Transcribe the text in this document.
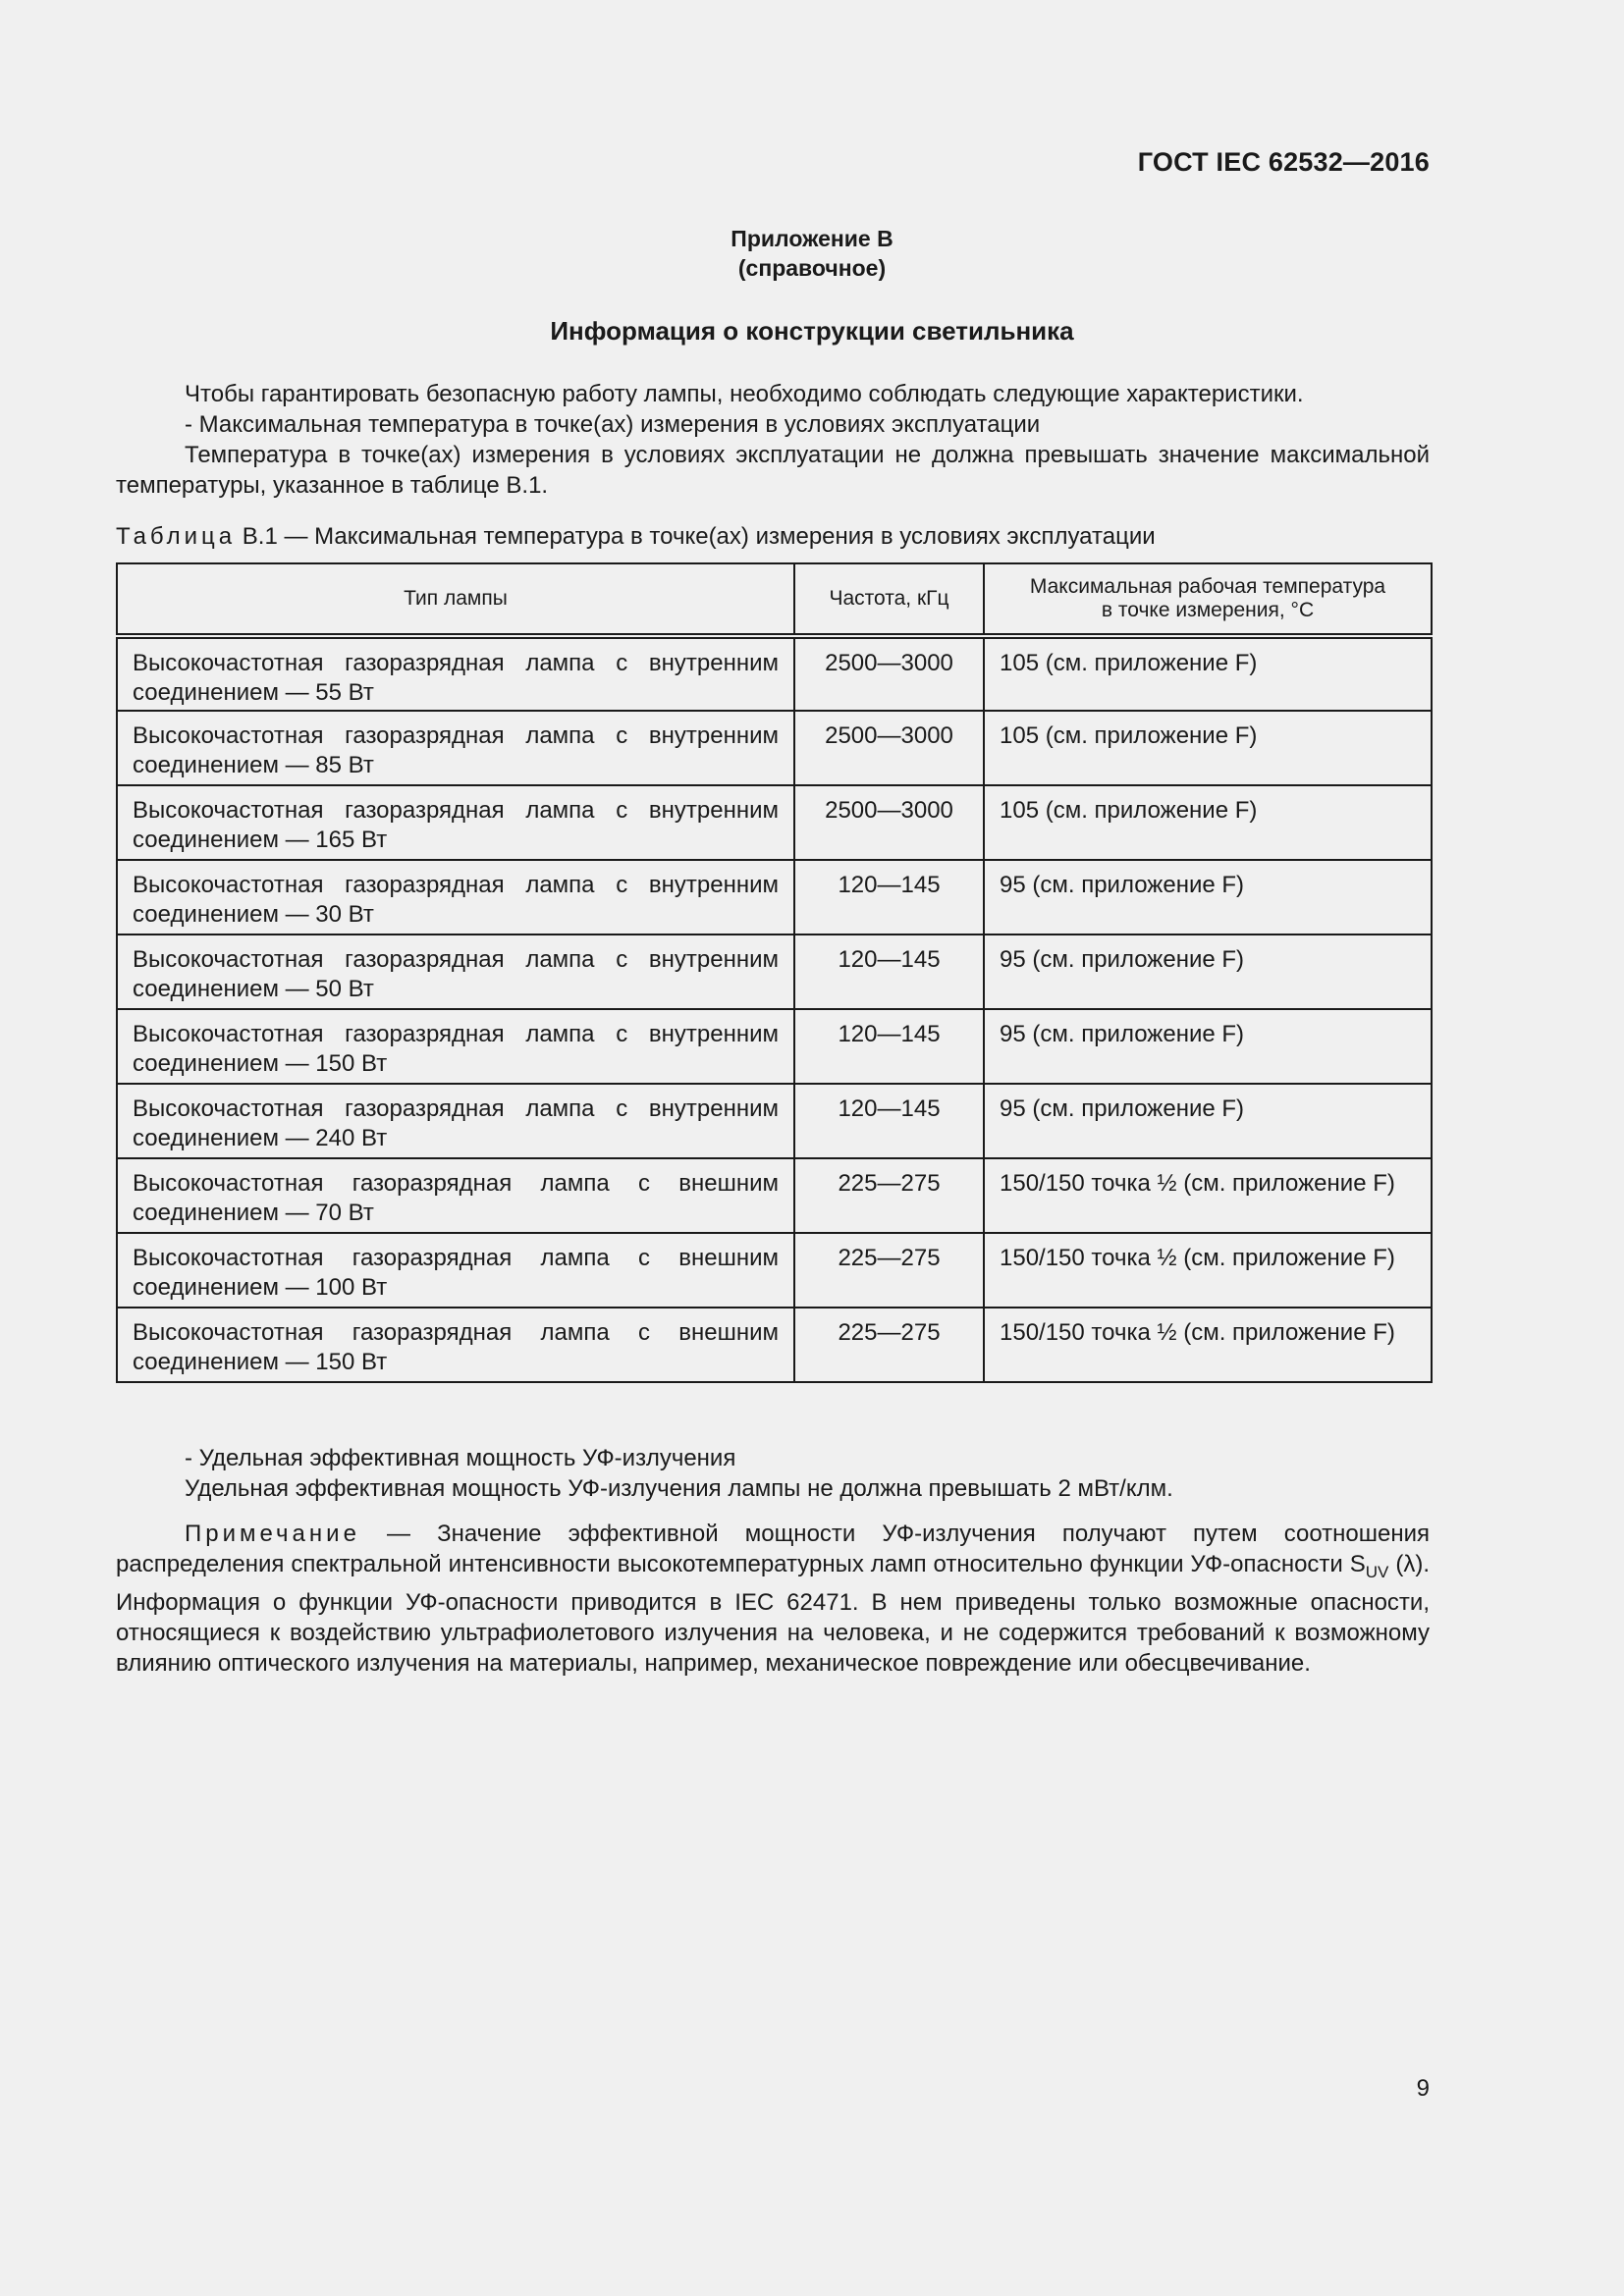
ГОСТ IEC 62532—2016
Приложение В
(справочное)
Информация о конструкции светильника
Чтобы гарантировать безопасную работу лампы, необходимо соблюдать следующие характеристики.
- Максимальная температура в точке(ах) измерения в условиях эксплуатации
Температура в точке(ах) измерения в условиях эксплуатации не должна превышать значение максимальной температуры, указанное в таблице В.1.
Таблица В.1 — Максимальная температура в точке(ах) измерения в условиях эксплуатации
Тип лампы	Частота, кГц	Максимальная рабочая температура в точке измерения, °С

Высокочастотная газоразрядная лампа с внутренним соединением — 55 Вт	2500—3000	105 (см. приложение F)
Высокочастотная газоразрядная лампа с внутренним соединением — 85 Вт	2500—3000	105 (см. приложение F)
Высокочастотная газоразрядная лампа с внутренним соединением — 165 Вт	2500—3000	105 (см. приложение F)
Высокочастотная газоразрядная лампа с внутренним соединением — 30 Вт	120—145	95 (см. приложение F)
Высокочастотная газоразрядная лампа с внутренним соединением — 50 Вт	120—145	95 (см. приложение F)
Высокочастотная газоразрядная лампа с внутренним соединением — 150 Вт	120—145	95 (см. приложение F)
Высокочастотная газоразрядная лампа с внутренним соединением — 240 Вт	120—145	95 (см. приложение F)
Высокочастотная газоразрядная лампа с внешним соединением — 70 Вт	225—275	150/150 точка ½ (см. приложение F)
Высокочастотная газоразрядная лампа с внешним соединением — 100 Вт	225—275	150/150 точка ½ (см. приложение F)
Высокочастотная газоразрядная лампа с внешним соединением — 150 Вт	225—275	150/150 точка ½ (см. приложение F)
- Удельная эффективная мощность УФ-излучения
Удельная эффективная мощность УФ-излучения лампы не должна превышать 2 мВт/клм.
Примечание — Значение эффективной мощности УФ-излучения получают путем соотношения распределения спектральной интенсивности высокотемпературных ламп относительно функции УФ-опасности $S_{UV}$ (λ). Информация о функции УФ-опасности приводится в IEC 62471. В нем приведены только возможные опасности, относящиеся к воздействию ультрафиолетового излучения на человека, и не содержится требований к возможному влиянию оптического излучения на материалы, например, механическое повреждение или обесцвечивание.
9
